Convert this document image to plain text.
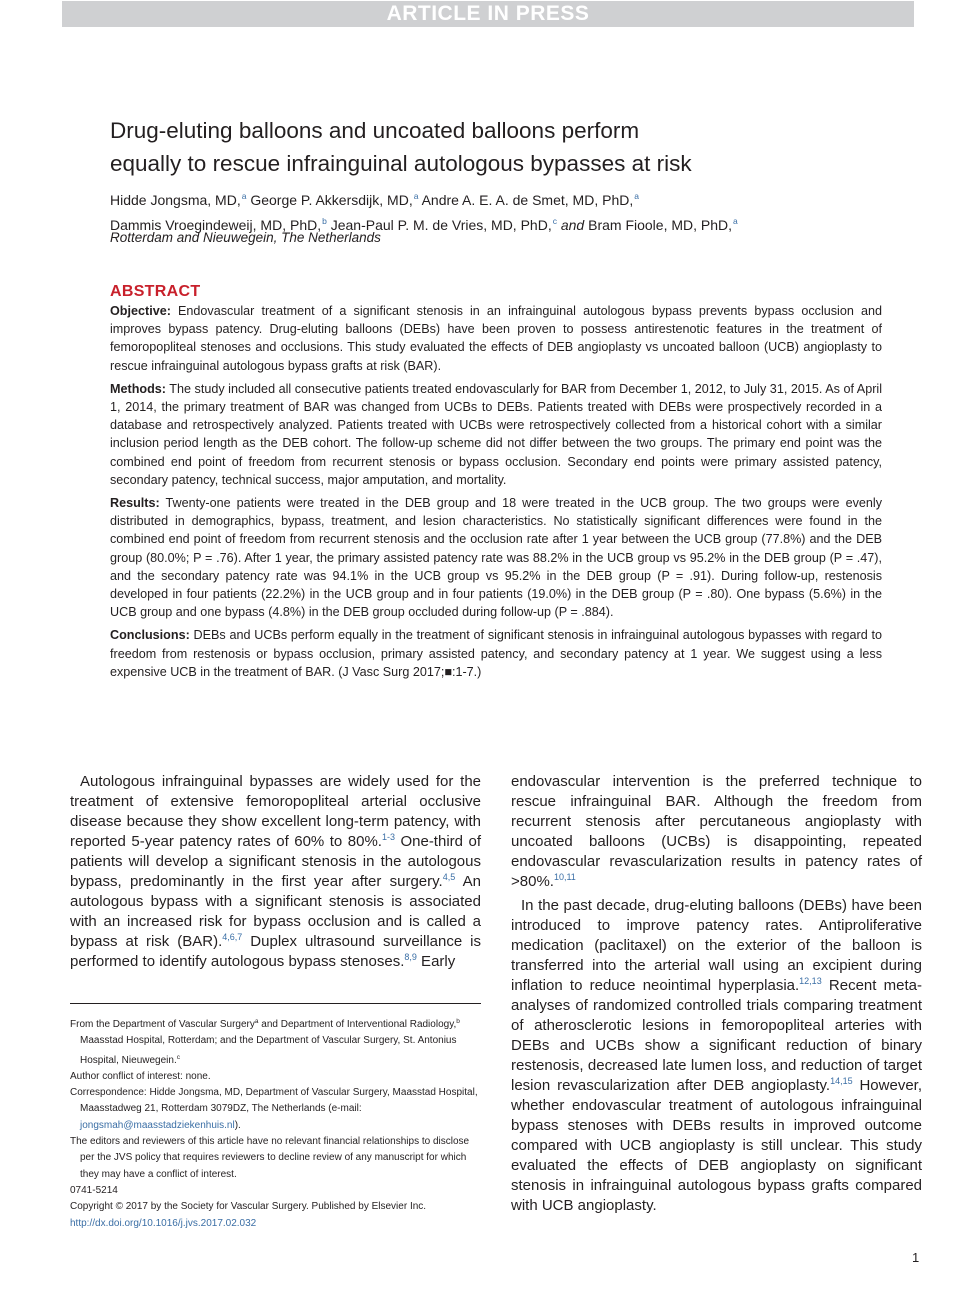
ARTICLE IN PRESS
Drug-eluting balloons and uncoated balloons perform
equally to rescue infrainguinal autologous bypasses at risk
Hidde Jongsma, MD,$^a$ George P. Akkersdijk, MD,$^a$ Andre A. E. A. de Smet, MD, PhD,$^a$
Dammis Vroegindeweij, MD, PhD,$^b$ Jean-Paul P. M. de Vries, MD, PhD,$^c$ and Bram Fioole, MD, PhD,$^a$
Rotterdam and Nieuwegein, The Netherlands
ABSTRACT

Objective: Endovascular treatment of a significant stenosis in an infrainguinal autologous bypass prevents bypass occlusion and improves bypass patency. Drug-eluting balloons (DEBs) have been proven to possess antirestenotic features in the treatment of femoropopliteal stenoses and occlusions. This study evaluated the effects of DEB angioplasty vs uncoated balloon (UCB) angioplasty to rescue infrainguinal autologous bypass grafts at risk (BAR).

Methods: The study included all consecutive patients treated endovascularly for BAR from December 1, 2012, to July 31, 2015. As of April 1, 2014, the primary treatment of BAR was changed from UCBs to DEBs. Patients treated with DEBs were prospectively recorded in a database and retrospectively analyzed. Patients treated with UCBs were retrospectively collected from a historical cohort with a similar inclusion period length as the DEB cohort. The follow-up scheme did not differ between the two groups. The primary end point was the combined end point of freedom from recurrent stenosis or bypass occlusion. Secondary end points were primary assisted patency, secondary patency, technical success, major amputation, and mortality.

Results: Twenty-one patients were treated in the DEB group and 18 were treated in the UCB group. The two groups were evenly distributed in demographics, bypass, treatment, and lesion characteristics. No statistically significant differences were found in the combined end point of freedom from recurrent stenosis and the occlusion rate after 1 year between the UCB group (77.8%) and the DEB group (80.0%; P = .76). After 1 year, the primary assisted patency rate was 88.2% in the UCB group vs 95.2% in the DEB group (P = .47), and the secondary patency rate was 94.1% in the UCB group vs 95.2% in the DEB group (P = .91). During follow-up, restenosis developed in four patients (22.2%) in the UCB group and in four patients (19.0%) in the DEB group (P = .80). One bypass (5.6%) in the UCB group and one bypass (4.8%) in the DEB group occluded during follow-up (P = .884).

Conclusions: DEBs and UCBs perform equally in the treatment of significant stenosis in infrainguinal autologous bypasses with regard to freedom from restenosis or bypass occlusion, primary assisted patency, and secondary patency at 1 year. We suggest using a less expensive UCB in the treatment of BAR. (J Vasc Surg 2017;■:1-7.)

Autologous infrainguinal bypasses are widely used for the treatment of extensive femoropopliteal arterial occlusive disease because they show excellent long-term patency, with reported 5-year patency rates of 60% to 80%.$^{1-3}$ One-third of patients will develop a significant stenosis in the autologous bypass, predominantly in the first year after surgery.$^{4,5}$ An autologous bypass with a significant stenosis is associated with an increased risk for bypass occlusion and is called a bypass at risk (BAR).$^{4,6,7}$ Duplex ultrasound surveillance is performed to identify autologous bypass stenoses.$^{8,9}$ Early

From the Department of Vascular Surgery$^a$ and Department of Interventional Radiology,$^b$ Maasstad Hospital, Rotterdam; and the Department of Vascular Surgery, St. Antonius Hospital, Nieuwegein.$^c$

Author conflict of interest: none.

Correspondence: Hidde Jongsma, MD, Department of Vascular Surgery, Maasstad Hospital, Maasstadweg 21, Rotterdam 3079DZ, The Netherlands (e-mail: jongsmah@maasstadziekenhuis.nl).

The editors and reviewers of this article have no relevant financial relationships to disclose per the JVS policy that requires reviewers to decline review of any manuscript for which they may have a conflict of interest.

0741-5214

Copyright © 2017 by the Society for Vascular Surgery. Published by Elsevier Inc.

http://dx.doi.org/10.1016/j.jvs.2017.02.032

endovascular intervention is the preferred technique to rescue infrainguinal BAR. Although the freedom from recurrent stenosis after percutaneous angioplasty with uncoated balloons (UCBs) is disappointing, repeated endovascular revascularization results in patency rates of >80%.$^{10,11}$

In the past decade, drug-eluting balloons (DEBs) have been introduced to improve patency rates. Antiproliferative medication (paclitaxel) on the exterior of the balloon is transferred into the arterial wall using an excipient during inflation to reduce neointimal hyperplasia.$^{12,13}$ Recent meta-analyses of randomized controlled trials comparing treatment of atherosclerotic lesions in femoropopliteal arteries with DEBs and UCBs show a significant reduction of binary restenosis, decreased late lumen loss, and reduction of target lesion revascularization after DEB angioplasty.$^{14,15}$ However, whether endovascular treatment of autologous infrainguinal bypass stenoses with DEBs results in improved outcome compared with UCB angioplasty is still unclear. This study evaluated the effects of DEB angioplasty on significant stenosis in infrainguinal autologous bypass grafts compared with UCB angioplasty.

1
